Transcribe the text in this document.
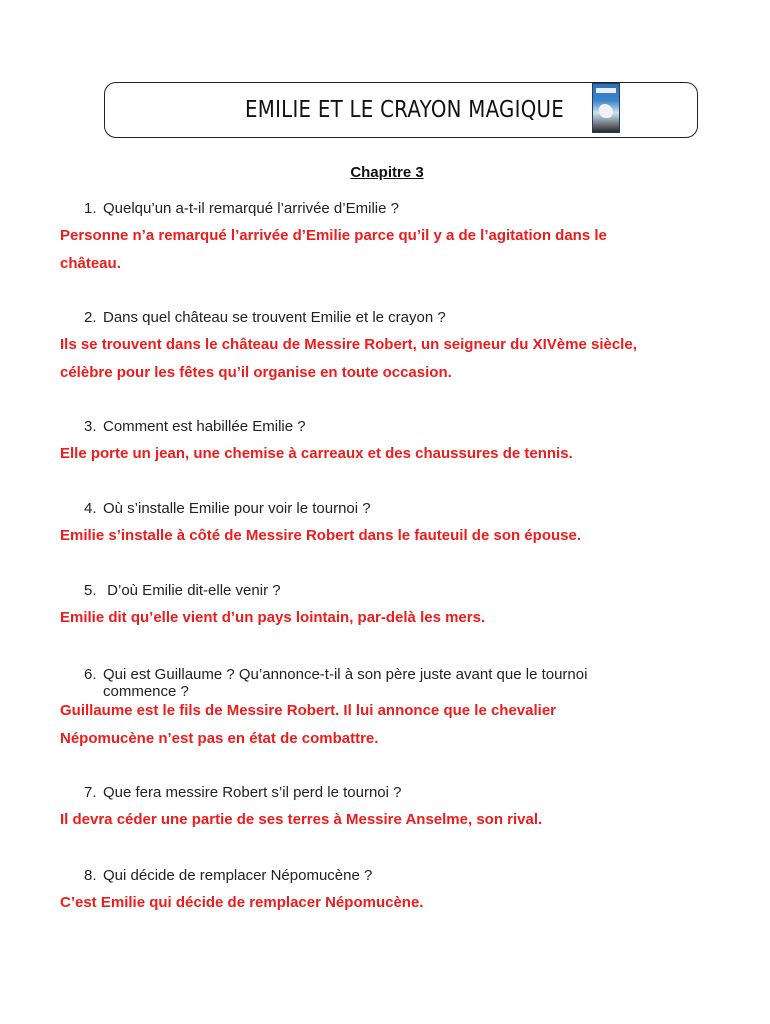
EMILIE ET LE CRAYON MAGIQUE
Chapitre 3
1. Quelqu’un a-t-il remarqué l’arrivée d’Emilie ?
Personne n’a remarqué l’arrivée d’Emilie parce qu’il y a de l’agitation dans le
château.
2. Dans quel château se trouvent Emilie et le crayon ?
Ils se trouvent dans le château de Messire Robert, un seigneur du XIVème siècle,
célèbre pour les fêtes qu’il organise en toute occasion.
3. Comment est habillée Emilie ?
Elle porte un jean, une chemise à carreaux et des chaussures de tennis.
4. Où s’installe Emilie pour voir le tournoi ?
Emilie s’installe à côté de Messire Robert dans le fauteuil de son épouse.
5. D’où Emilie dit-elle venir ?
Emilie dit qu’elle vient d’un pays lointain, par-delà les mers.
6. Qui est Guillaume ? Qu’annonce-t-il à son père juste avant que le tournoi
commence ?
Guillaume est le fils de Messire Robert. Il lui annonce que le chevalier
Népomucène n’est pas en état de combattre.
7. Que fera messire Robert s’il perd le tournoi ?
Il devra céder une partie de ses terres à Messire Anselme, son rival.
8. Qui décide de remplacer Népomucène ?
C’est Emilie qui décide de remplacer Népomucène.
